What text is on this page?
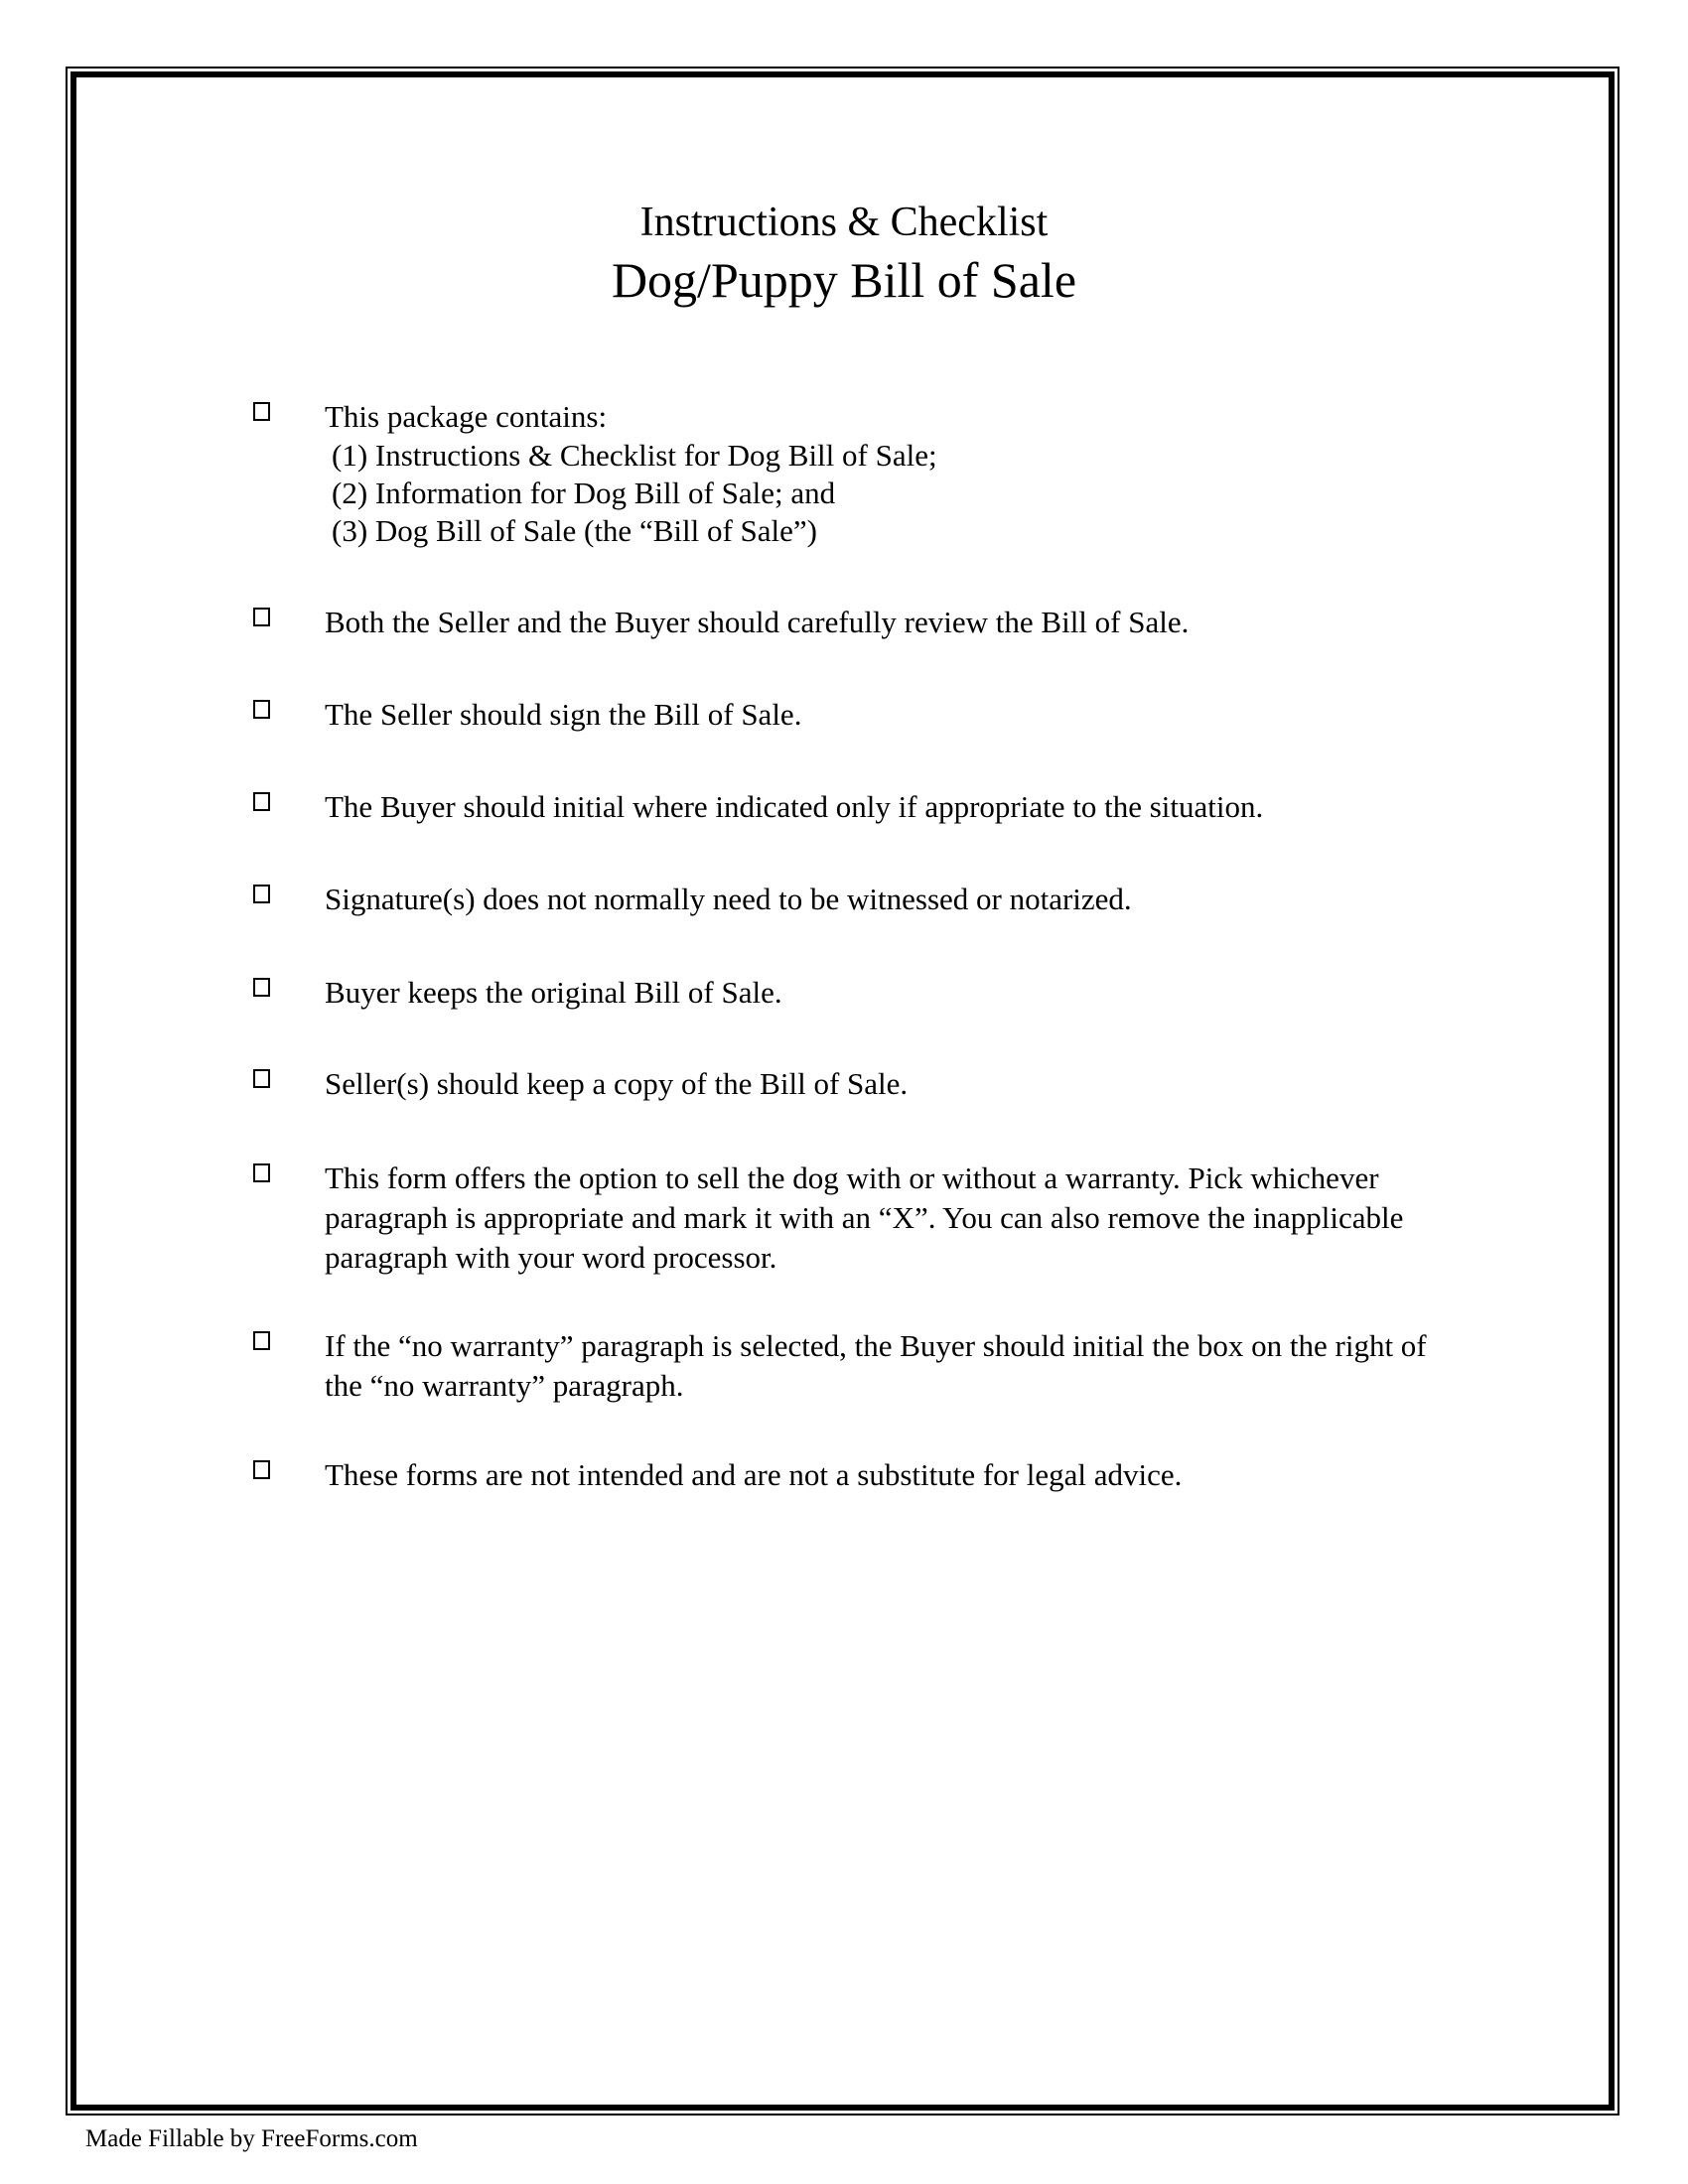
Instructions & Checklist
Dog/Puppy Bill of Sale
This package contains:
(1) Instructions & Checklist for Dog Bill of Sale;
(2) Information for Dog Bill of Sale; and
(3) Dog Bill of Sale (the “Bill of Sale”)
Both the Seller and the Buyer should carefully review the Bill of Sale.
The Seller should sign the Bill of Sale.
The Buyer should initial where indicated only if appropriate to the situation.
Signature(s) does not normally need to be witnessed or notarized.
Buyer keeps the original Bill of Sale.
Seller(s) should keep a copy of the Bill of Sale.
This form offers the option to sell the dog with or without a warranty. Pick whichever paragraph is appropriate and mark it with an “X”. You can also remove the inapplicable paragraph with your word processor.
If the “no warranty” paragraph is selected, the Buyer should initial the box on the right of the “no warranty” paragraph.
These forms are not intended and are not a substitute for legal advice.
Made Fillable by FreeForms.com
